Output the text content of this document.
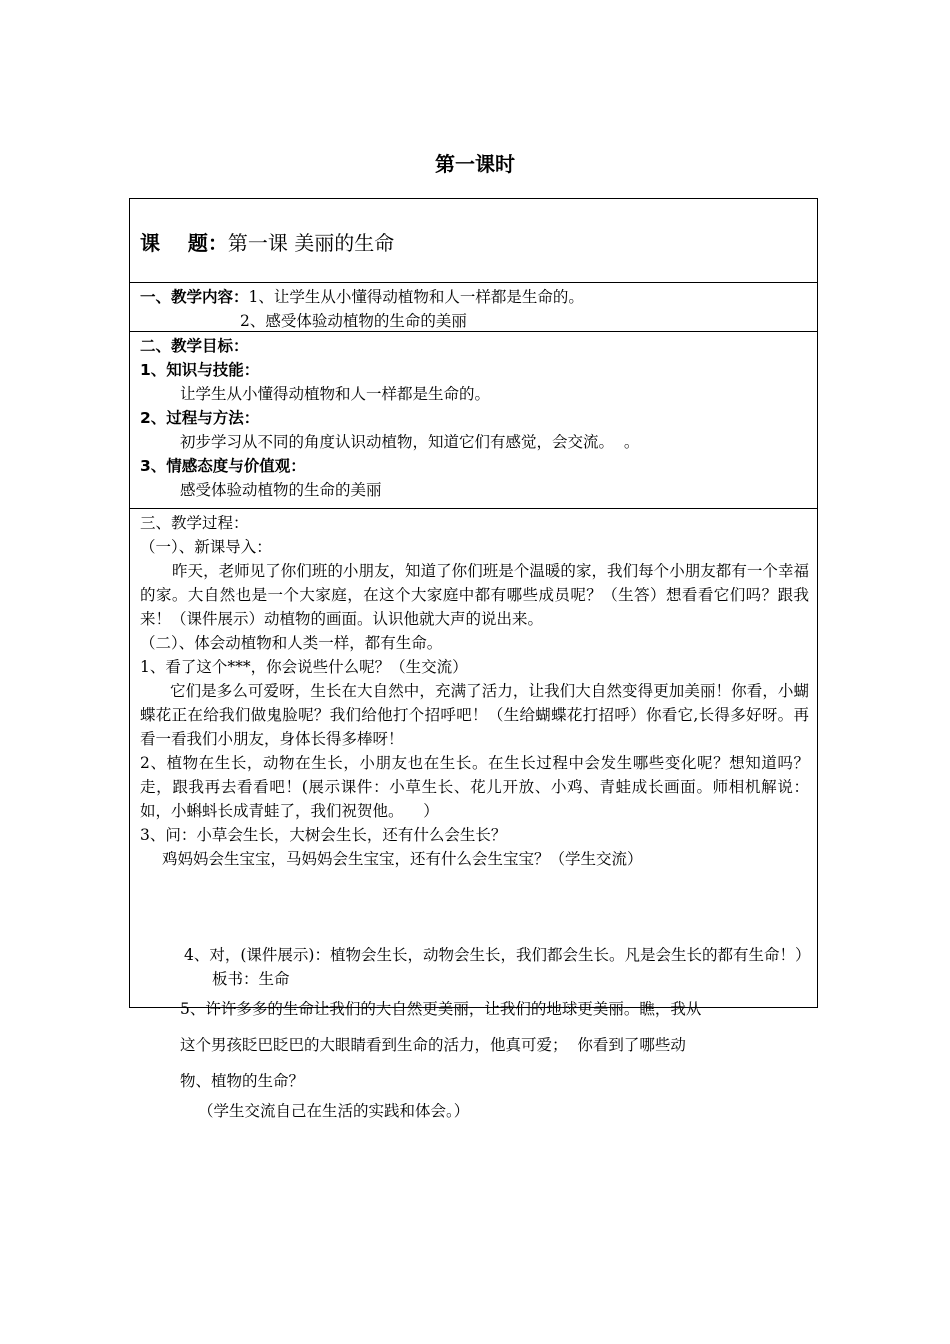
第一课时
课    题：第一课 美丽的生命
一、教学内容：1、让学生从小懂得动植物和人一样都是生命的。
2、感受体验动植物的生命的美丽
二、教学目标：
1、知识与技能：
让学生从小懂得动植物和人一样都是生命的。
2、过程与方法：
初步学习从不同的角度认识动植物，知道它们有感觉，会交流。  。
3、情感态度与价值观：
感受体验动植物的生命的美丽
三、教学过程：
（一）、新课导入：
昨天，老师见了你们班的小朋友，知道了你们班是个温暖的家，我们每个小朋友都有一个幸福的家。大自然也是一个大家庭，在这个大家庭中都有哪些成员呢？（生答）想看看它们吗？跟我来！（课件展示）动植物的画面。认识他就大声的说出来。
（二）、体会动植物和人类一样，都有生命。
1、看了这个***，你会说些什么呢？（生交流）
它们是多么可爱呀，生长在大自然中，充满了活力，让我们大自然变得更加美丽！你看，小蝴蝶花正在给我们做鬼脸呢？我们给他打个招呼吧！（生给蝴蝶花打招呼）你看它,长得多好呀。再看一看我们小朋友，身体长得多棒呀！
2、植物在生长，动物在生长，小朋友也在生长。在生长过程中会发生哪些变化呢？想知道吗？走，跟我再去看看吧！(展示课件：小草生长、花儿开放、小鸡、青蛙成长画面。师相机解说：如，小蝌蚪长成青蛙了，我们祝贺他。    ）
3、问：小草会生长，大树会生长，还有什么会生长？
鸡妈妈会生宝宝，马妈妈会生宝宝，还有什么会生宝宝？（学生交流）
4、对，(课件展示)：植物会生长，动物会生长，我们都会生长。凡是会生长的都有生命！）
板书：生命
5、许许多多的生命让我们的大自然更美丽，让我们的地球更美丽。瞧，我从
这个男孩眨巴眨巴的大眼睛看到生命的活力，他真可爱；  你看到了哪些动
物、植物的生命？
（学生交流自己在生活的实践和体会。）
